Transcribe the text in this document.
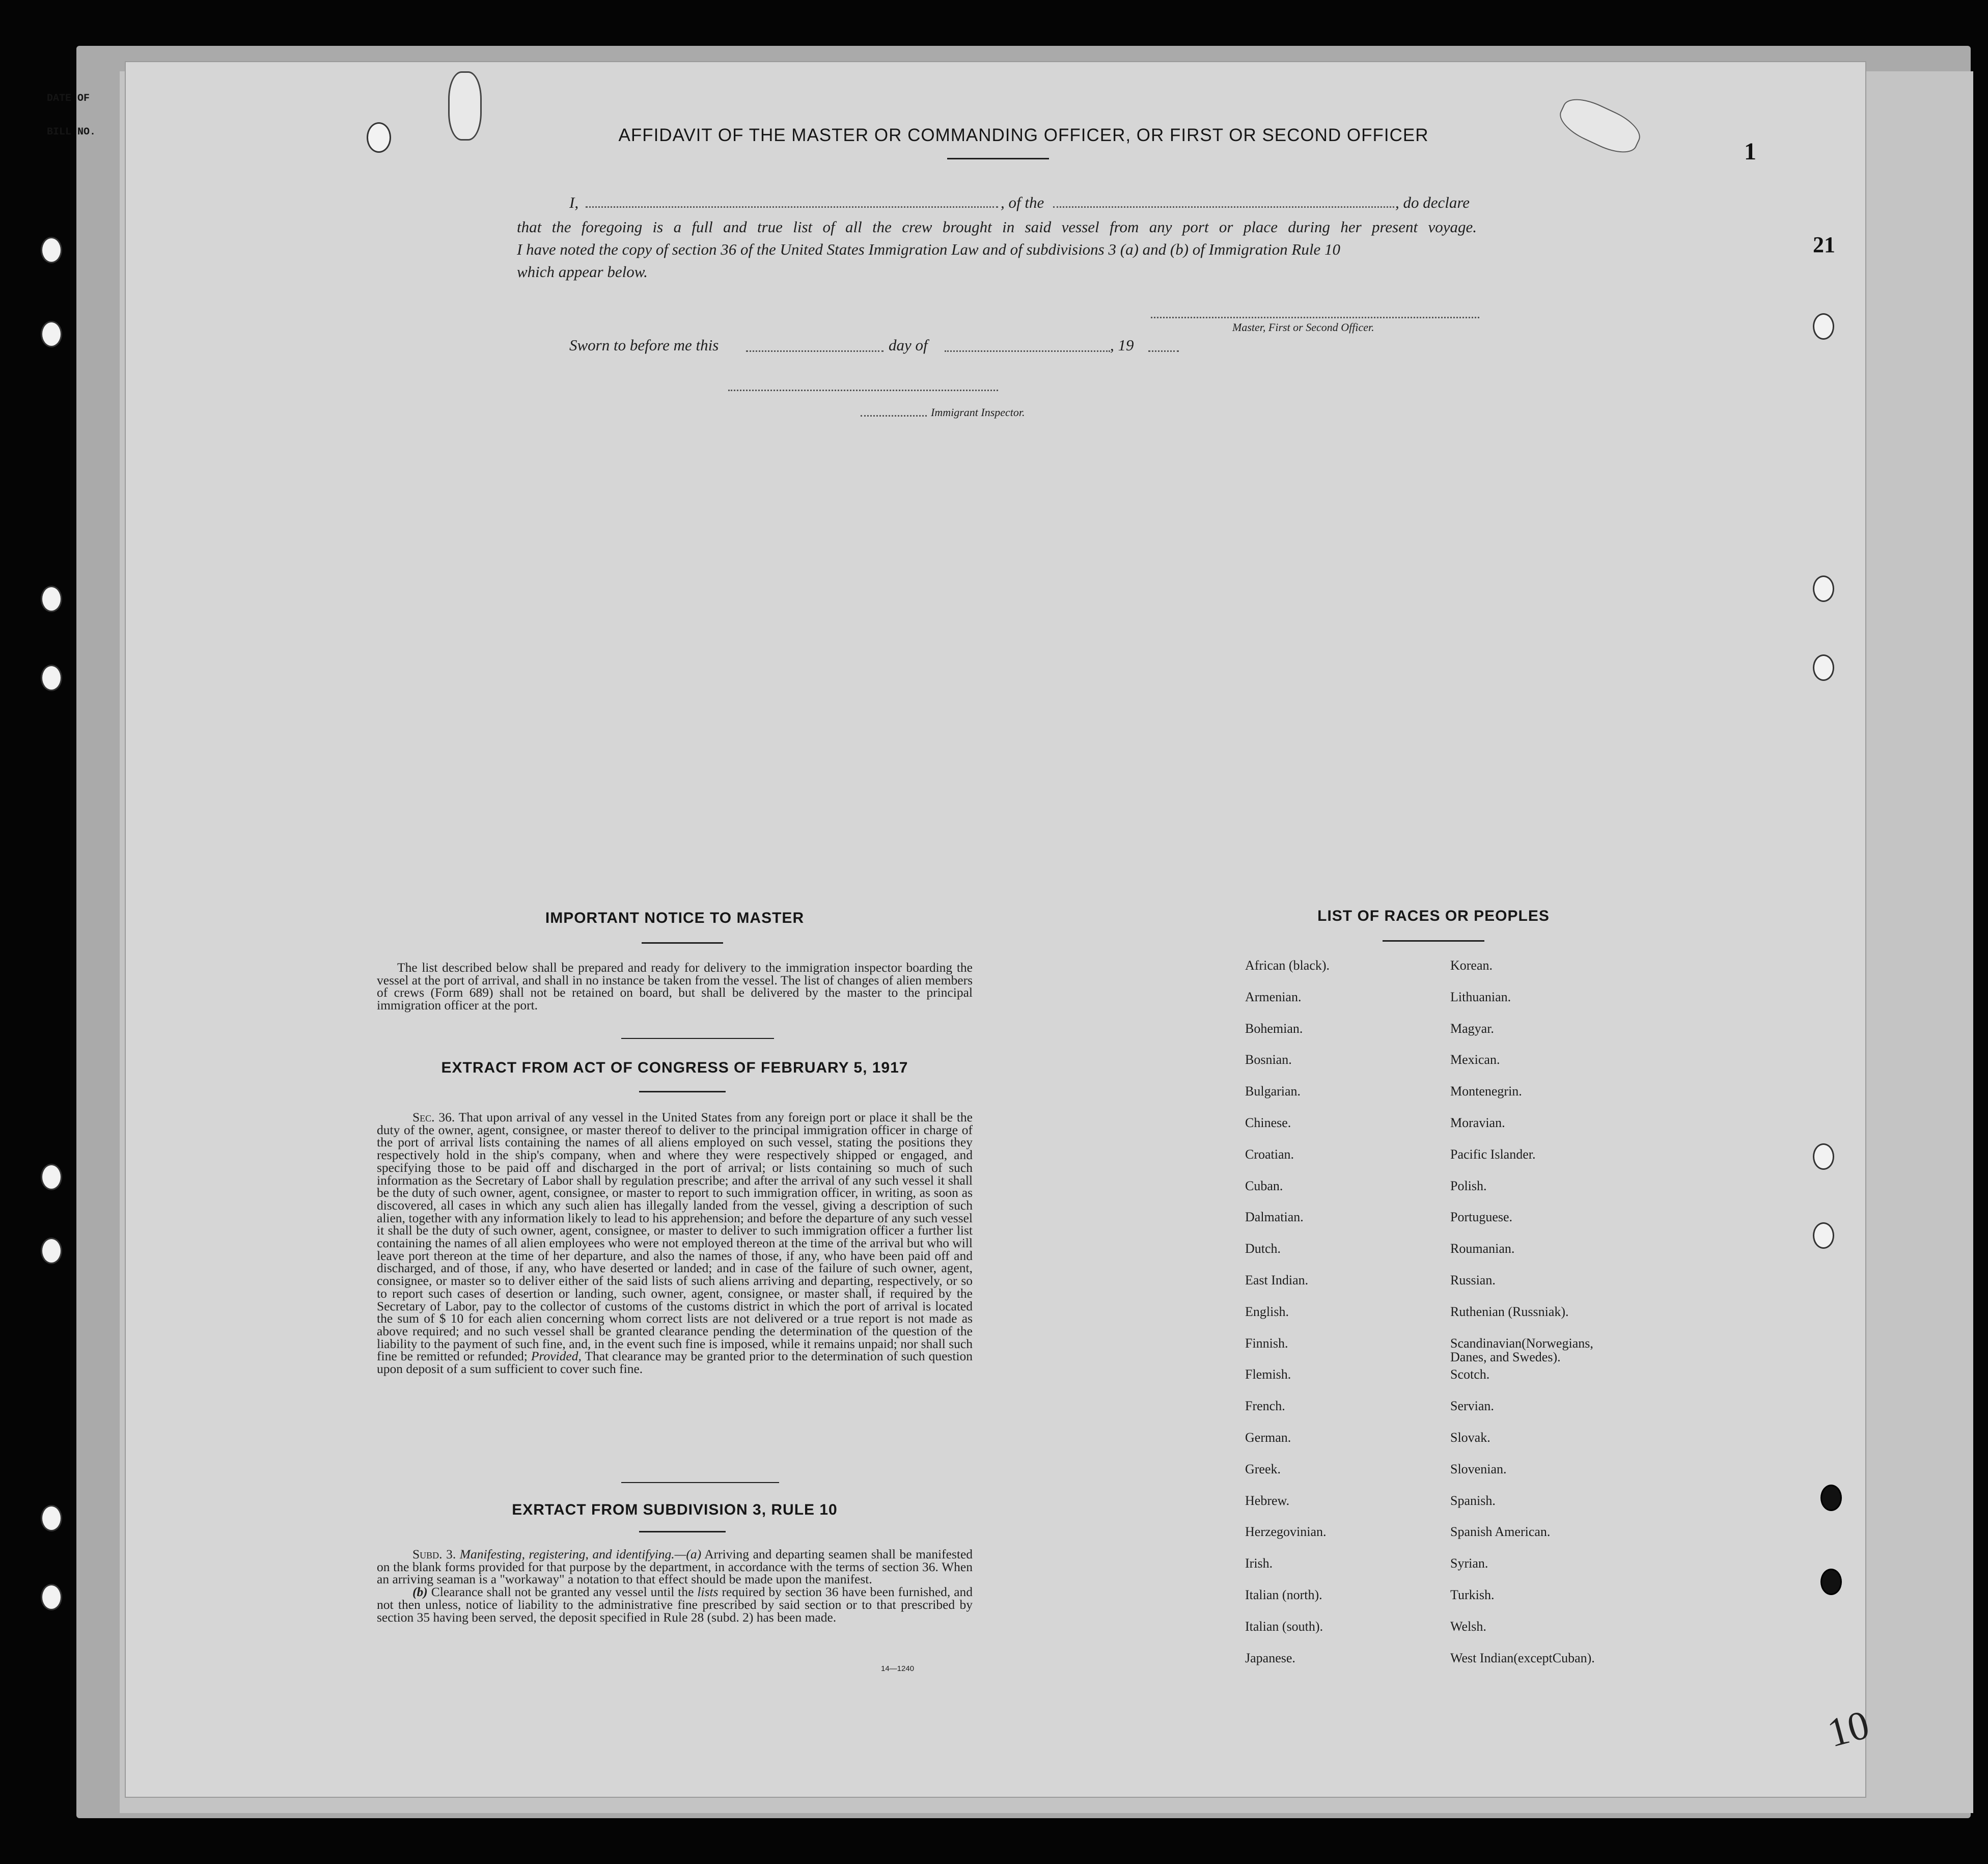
DATE OF
BILL NO.
1
21
10
AFFIDAVIT OF THE MASTER OR COMMANDING OFFICER, OR FIRST OR SECOND OFFICER
I,	, of the	, do declare
that the foregoing is a full and true list of all the crew brought in said vessel from any port or place during her present voyage.
I have noted the copy of section 36 of the United States Immigration Law and of subdivisions 3 (a) and (b) of Immigration Rule 10
which appear below.
Master, First or Second Officer.
Sworn to before me this	day of	, 19
Immigrant Inspector.
IMPORTANT NOTICE TO MASTER
The list described below shall be prepared and ready for delivery to the immigration inspector boarding the vessel at the port of arrival, and shall in no instance be taken from the vessel. The list of changes of alien members of crews (Form 689) shall not be retained on board, but shall be delivered by the master to the principal immigration officer at the port.
EXTRACT FROM ACT OF CONGRESS OF FEBRUARY 5, 1917

Sec. 36. That upon arrival of any vessel in the United States from any foreign port or place it shall be the duty of the owner, agent, consignee, or master thereof to deliver to the principal immigration officer in charge of the port of arrival lists containing the names of all aliens employed on such vessel, stating the positions they respectively hold in the ship's company, when and where they were respectively shipped or engaged, and specifying those to be paid off and discharged in the port of arrival; or lists containing so much of such information as the Secretary of Labor shall by regulation prescribe; and after the arrival of any such vessel it shall be the duty of such owner, agent, consignee, or master to report to such immigration officer, in writing, as soon as discovered, all cases in which any such alien has illegally landed from the vessel, giving a description of such alien, together with any information likely to lead to his apprehension; and before the departure of any such vessel it shall be the duty of such owner, agent, consignee, or master to deliver to such immigration officer a further list containing the names of all alien employees who were not employed thereon at the time of the arrival but who will leave port thereon at the time of her departure, and also the names of those, if any, who have been paid off and discharged, and of those, if any, who have deserted or landed; and in case of the failure of such owner, agent, consignee, or master so to deliver either of the said lists of such aliens arriving and departing, respectively, or so to report such cases of desertion or landing, such owner, agent, consignee, or master shall, if required by the Secretary of Labor, pay to the collector of customs of the customs district in which the port of arrival is located the sum of $ 10 for each alien concerning whom correct lists are not delivered or a true report is not made as above required; and no such vessel shall be granted clearance pending the determination of the question of the liability to the payment of such fine, and, in the event such fine is imposed, while it remains unpaid; nor shall such fine be remitted or refunded; Provided, That clearance may be granted prior to the determination of such question upon deposit of a sum sufficient to cover such fine.

EXRTACT FROM SUBDIVISION 3, RULE 10

Subd. 3. Manifesting, registering, and identifying.—(a) Arriving and departing seamen shall be manifested on the blank forms provided for that purpose by the department, in accordance with the terms of section 36. When an arriving seaman is a "workaway" a notation to that effect should be made upon the manifest.

(b) Clearance shall not be granted any vessel until the lists required by section 36 have been furnished, and not then unless, notice of liability to the administrative fine prescribed by said section or to that prescribed by section 35 having been served, the deposit specified in Rule 28 (subd. 2) has been made.

14—1240
LIST OF RACES OR PEOPLES
African (black).
Armenian.
Bohemian.
Bosnian.
Bulgarian.
Chinese.
Croatian.
Cuban.
Dalmatian.
Dutch.
East Indian.
English.
Finnish.
Flemish.
French.
German.
Greek.
Hebrew.
Herzegovinian.
Irish.
Italian (north).
Italian (south).
Japanese.
Korean.
Lithuanian.
Magyar.
Mexican.
Montenegrin.
Moravian.
Pacific Islander.
Polish.
Portuguese.
Roumanian.
Russian.
Ruthenian (Russniak).
Scandinavian(Norwegians,
Danes, and Swedes).
Scotch.
Servian.
Slovak.
Slovenian.
Spanish.
Spanish American.
Syrian.
Turkish.
Welsh.
West Indian(exceptCuban).
